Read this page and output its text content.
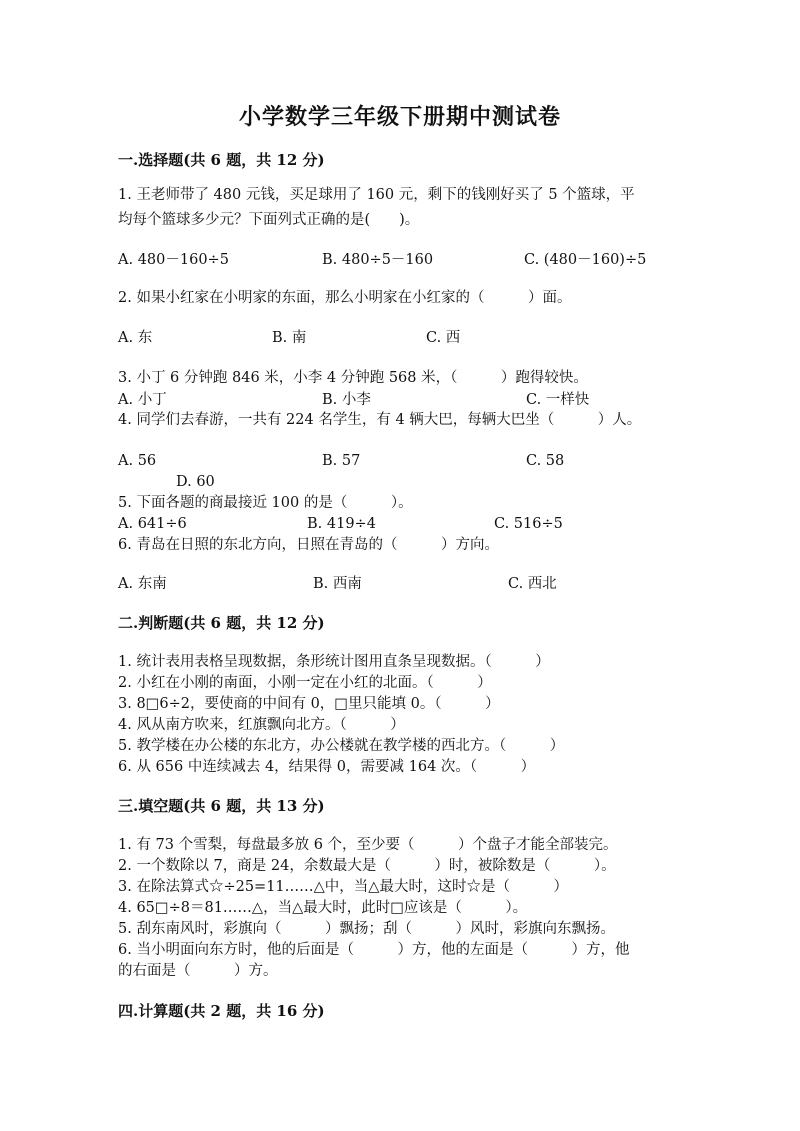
小学数学三年级下册期中测试卷
一.选择题(共 6 题，共 12 分)
1. 王老师带了 480 元钱，买足球用了 160 元，剩下的钱刚好买了 5 个篮球，平
均每个篮球多少元？下面列式正确的是(　　)。
A. 480－160÷5	B. 480÷5－160	C. (480－160)÷5
2. 如果小红家在小明家的东面，那么小明家在小红家的（　　　）面。
A. 东	B. 南	C. 西
3. 小丁 6 分钟跑 846 米，小李 4 分钟跑 568 米，（　　　）跑得较快。
A. 小丁	B. 小李	C. 一样快
4. 同学们去春游，一共有 224 名学生，有 4 辆大巴，每辆大巴坐（　　　）人。
A. 56	B. 57	C. 58
D. 60
5. 下面各题的商最接近 100 的是（　　　）。
A. 641÷6	B. 419÷4	C. 516÷5
6. 青岛在日照的东北方向，日照在青岛的（　　　）方向。
A. 东南	B. 西南	C. 西北
二.判断题(共 6 题，共 12 分)
1. 统计表用表格呈现数据，条形统计图用直条呈现数据。（　　　）
2. 小红在小刚的南面，小刚一定在小红的北面。（　　　）
3. 8□6÷2，要使商的中间有 0，□里只能填 0。（　　　）
4. 风从南方吹来，红旗飘向北方。（　　　）
5. 教学楼在办公楼的东北方，办公楼就在教学楼的西北方。（　　　）
6. 从 656 中连续减去 4，结果得 0，需要减 164 次。（　　　）
三.填空题(共 6 题，共 13 分)
1. 有 73 个雪梨，每盘最多放 6 个，至少要（　　　）个盘子才能全部装完。
2. 一个数除以 7，商是 24，余数最大是（　　　）时，被除数是（　　　）。
3. 在除法算式☆÷25=11……△中，当△最大时，这时☆是（　　　）
4. 65□÷8＝81……△，当△最大时，此时□应该是（　　　）。
5. 刮东南风时，彩旗向（　　　）飘扬；刮（　　　）风时，彩旗向东飘扬。
6. 当小明面向东方时，他的后面是（　　　）方，他的左面是（　　　）方，他
的右面是（　　　）方。
四.计算题(共 2 题，共 16 分)
